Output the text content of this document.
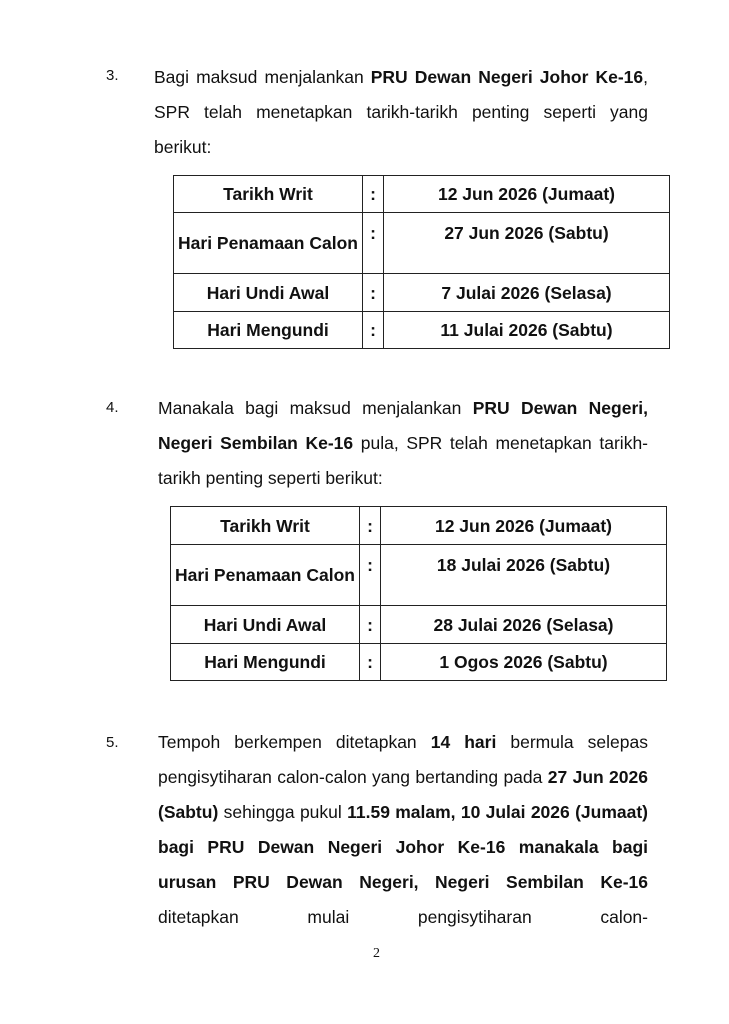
3. Bagi maksud menjalankan PRU Dewan Negeri Johor Ke-16, SPR telah menetapkan tarikh-tarikh penting seperti yang berikut:
Tarikh Writ	:	12 Jun 2026 (Jumaat)
Hari Penamaan Calon	:	27 Jun 2026 (Sabtu)
Hari Undi Awal	:	7 Julai 2026 (Selasa)
Hari Mengundi	:	11 Julai 2026 (Sabtu)
4. Manakala bagi maksud menjalankan PRU Dewan Negeri, Negeri Sembilan Ke-16 pula, SPR telah menetapkan tarikh-tarikh penting seperti berikut:
Tarikh Writ	:	12 Jun 2026 (Jumaat)
Hari Penamaan Calon	:	18 Julai 2026 (Sabtu)
Hari Undi Awal	:	28 Julai 2026 (Selasa)
Hari Mengundi	:	1 Ogos 2026 (Sabtu)
5. Tempoh berkempen ditetapkan 14 hari bermula selepas pengisytiharan calon-calon yang bertanding pada 27 Jun 2026 (Sabtu) sehingga pukul 11.59 malam, 10 Julai 2026 (Jumaat) bagi PRU Dewan Negeri Johor Ke-16 manakala bagi urusan PRU Dewan Negeri, Negeri Sembilan Ke-16 ditetapkan mulai pengisytiharan calon-
2
